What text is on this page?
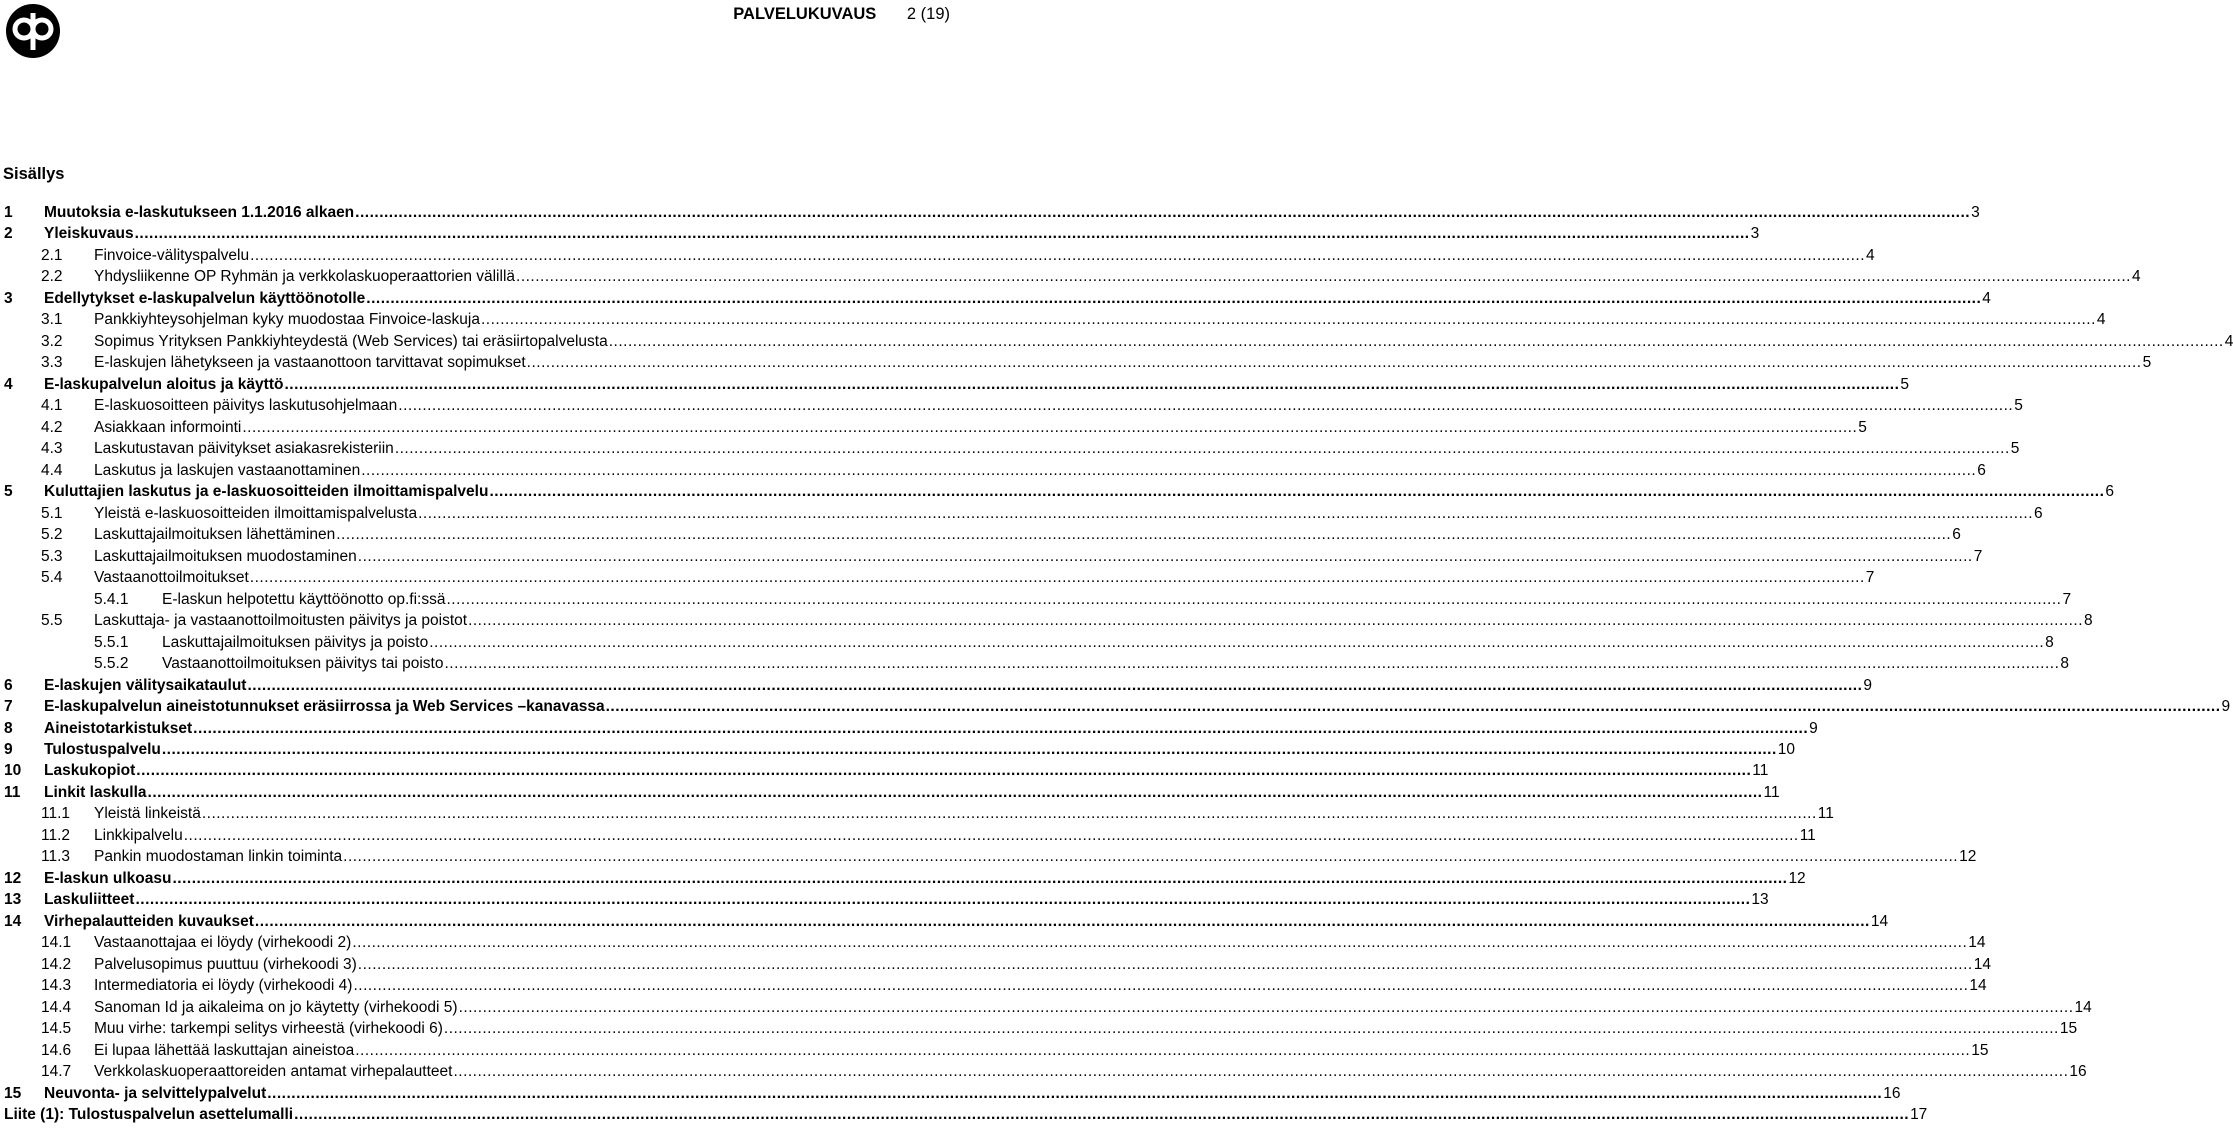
PALVELUKUVAUS 2 (19)
Sisällys
1	Muutoksia e-laskutukseen 1.1.2016 alkaen .....	3
2	Yleiskuvaus .....	3
2.1	Finvoice-välityspalvelu .....	4
2.2	Yhdysliikenne OP Ryhmän ja verkkolaskuoperaattorien välillä .....	4
3	Edellytykset e-laskupalvelun käyttöönotolle .....	4
3.1	Pankkiyhteysohjelman kyky muodostaa Finvoice-laskuja .....	4
3.2	Sopimus Yrityksen Pankkiyhteydestä (Web Services) tai eräsiirtopalvelusta .....	4
3.3	E-laskujen lähetykseen ja vastaanottoon tarvittavat sopimukset .....	5
4	E-laskupalvelun aloitus ja käyttö .....	5
4.1	E-laskuosoitteen päivitys laskutusohjelmaan .....	5
4.2	Asiakkaan informointi .....	5
4.3	Laskutustavan päivitykset asiakasrekisteriin .....	5
4.4	Laskutus ja laskujen vastaanottaminen .....	6
5	Kuluttajien laskutus ja e-laskuosoitteiden ilmoittamispalvelu .....	6
5.1	Yleistä e-laskuosoitteiden ilmoittamispalvelusta .....	6
5.2	Laskuttajailmoituksen lähettäminen .....	6
5.3	Laskuttajailmoituksen muodostaminen .....	7
5.4	Vastaanottoilmoitukset .....	7
5.4.1	E-laskun helpotettu käyttöönotto op.fi:ssä .....	7
5.5	Laskuttaja- ja vastaanottoilmoitusten päivitys ja poistot .....	8
5.5.1	Laskuttajailmoituksen päivitys ja poisto .....	8
5.5.2	Vastaanottoilmoituksen päivitys tai poisto .....	8
6	E-laskujen välitysaikataulut .....	9
7	E-laskupalvelun aineistotunnukset eräsiirrossa ja Web Services –kanavassa .....	9
8	Aineistotarkistukset .....	9
9	Tulostuspalvelu .....	10
10	Laskukopiot .....	11
11	Linkit laskulla .....	11
11.1	Yleistä linkeistä .....	11
11.2	Linkkipalvelu .....	11
11.3	Pankin muodostaman linkin toiminta .....	12
12	E-laskun ulkoasu .....	12
13	Laskuliitteet .....	13
14	Virhepalautteiden kuvaukset .....	14
14.1	Vastaanottajaa ei löydy (virhekoodi 2) .....	14
14.2	Palvelusopimus puuttuu (virhekoodi 3) .....	14
14.3	Intermediatoria ei löydy (virhekoodi 4) .....	14
14.4	Sanoman Id ja aikaleima on jo käytetty (virhekoodi 5) .....	14
14.5	Muu virhe: tarkempi selitys virheestä (virhekoodi 6) .....	15
14.6	Ei lupaa lähettää laskuttajan aineistoa .....	15
14.7	Verkkolaskuoperaattoreiden antamat virhepalautteet .....	16
15	Neuvonta- ja selvittelypalvelut .....	16
Liite (1): Tulostuspalvelun asettelumalli .....	17
